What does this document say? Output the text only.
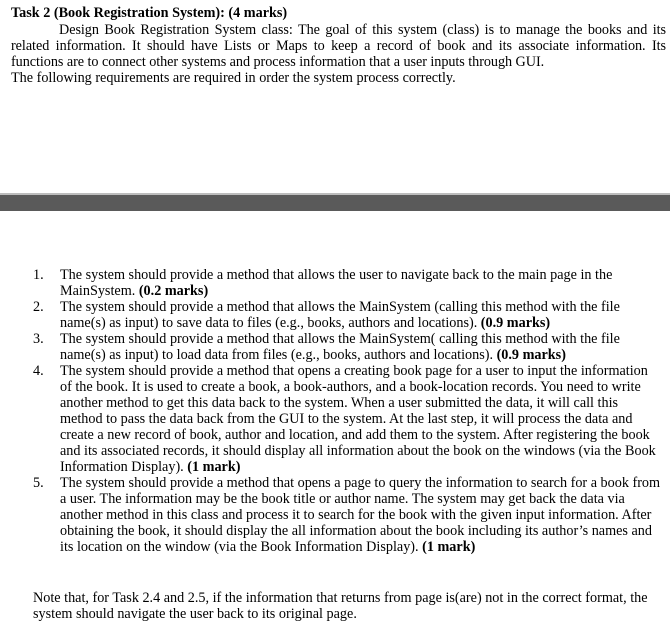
Task 2 (Book Registration System): (4 marks)

Design Book Registration System class: The goal of this system (class) is to manage the books and its related information. It should have Lists or Maps to keep a record of book and its associate information. Its functions are to connect other systems and process information that a user inputs through GUI.

The following requirements are required in order the system process correctly.

1. The system should provide a method that allows the user to navigate back to the main page in the MainSystem. (0.2 marks)
2. The system should provide a method that allows the MainSystem (calling this method with the file name(s) as input) to save data to files (e.g., books, authors and locations). (0.9 marks)
3. The system should provide a method that allows the MainSystem( calling this method with the file name(s) as input) to load data from files (e.g., books, authors and locations). (0.9 marks)
4. The system should provide a method that opens a creating book page for a user to input the information of the book. It is used to create a book, a book-authors, and a book-location records. You need to write another method to get this data back to the system. When a user submitted the data, it will call this method to pass the data back from the GUI to the system. At the last step, it will process the data and create a new record of book, author and location, and add them to the system. After registering the book and its associated records, it should display all information about the book on the windows (via the Book Information Display). (1 mark)
5. The system should provide a method that opens a page to query the information to search for a book from a user. The information may be the book title or author name. The system may get back the data via another method in this class and process it to search for the book with the given input information. After obtaining the book, it should display the all information about the book including its author’s names and its location on the window (via the Book Information Display). (1 mark)

Note that, for Task 2.4 and 2.5, if the information that returns from page is(are) not in the correct format, the system should navigate the user back to its original page.
